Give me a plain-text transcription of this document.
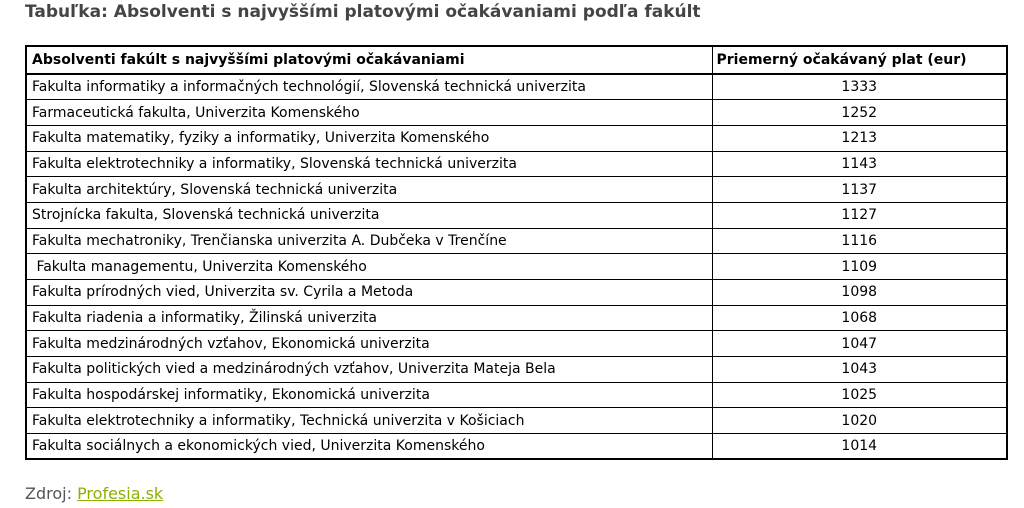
Tabuľka: Absolventi s najvyššími platovými očakávaniami podľa fakúlt
Absolventi fakúlt s najvyššími platovými očakávaniami	Priemerný očakávaný plat (eur)
Fakulta informatiky a informačných technológií, Slovenská technická univerzita	1333
Farmaceutická fakulta, Univerzita Komenského	1252
Fakulta matematiky, fyziky a informatiky, Univerzita Komenského	1213
Fakulta elektrotechniky a informatiky, Slovenská technická univerzita	1143
Fakulta architektúry, Slovenská technická univerzita	1137
Strojnícka fakulta, Slovenská technická univerzita	1127
Fakulta mechatroniky, Trenčianska univerzita A. Dubčeka v Trenčíne	1116
Fakulta managementu, Univerzita Komenského	1109
Fakulta prírodných vied, Univerzita sv. Cyrila a Metoda	1098
Fakulta riadenia a informatiky, Žilinská univerzita	1068
Fakulta medzinárodných vzťahov, Ekonomická univerzita	1047
Fakulta politických vied a medzinárodných vzťahov, Univerzita Mateja Bela	1043
Fakulta hospodárskej informatiky, Ekonomická univerzita	1025
Fakulta elektrotechniky a informatiky, Technická univerzita v Košiciach	1020
Fakulta sociálnych a ekonomických vied, Univerzita Komenského	1014
Zdroj: Profesia.sk
